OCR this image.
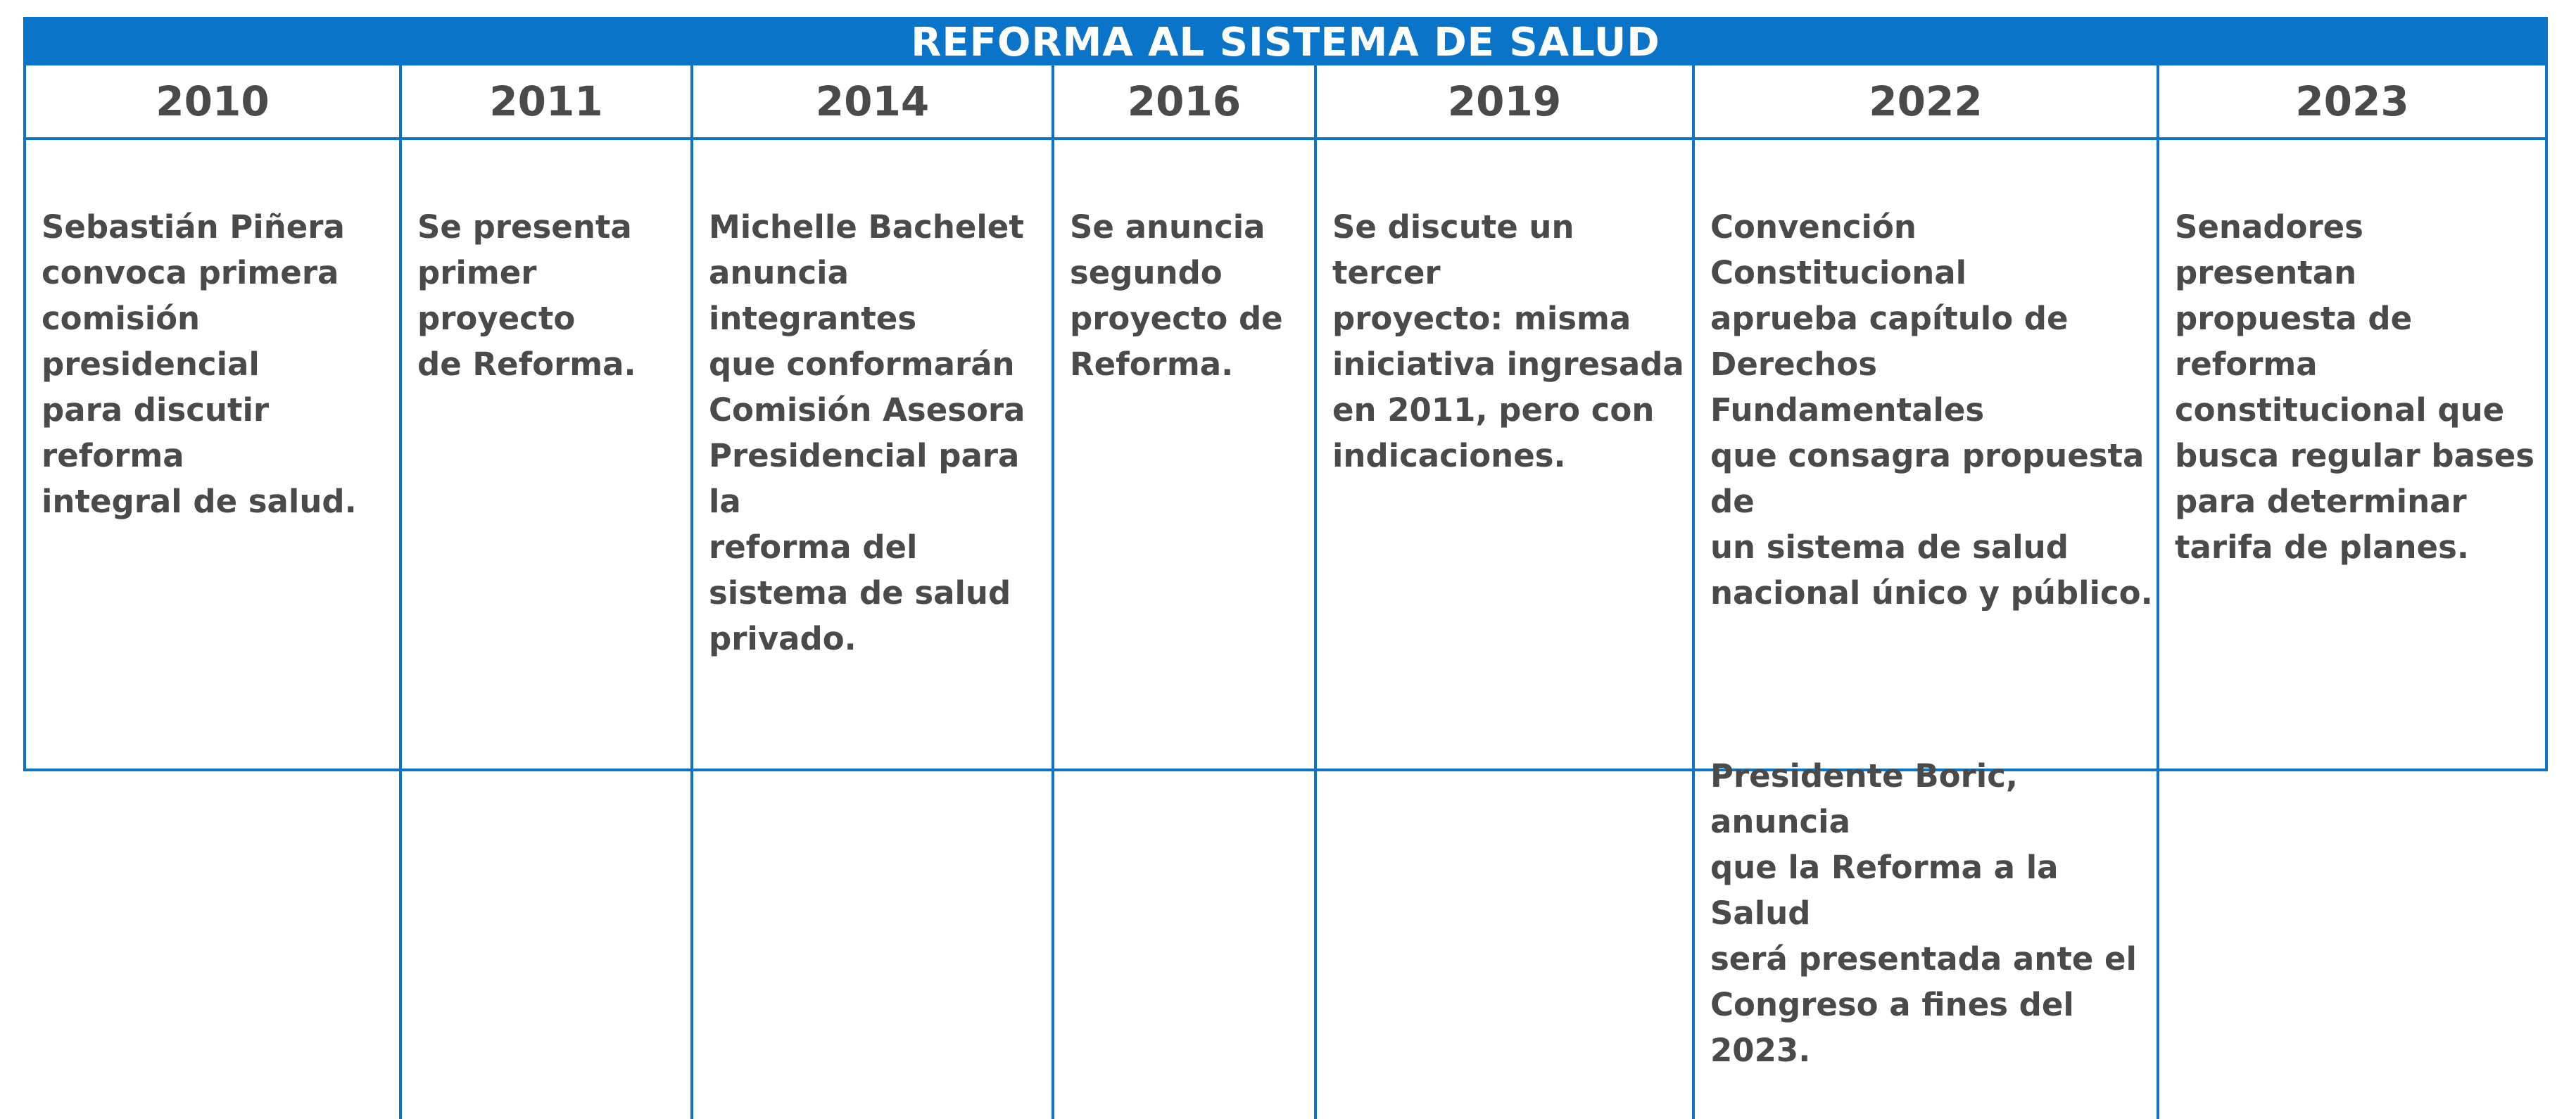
REFORMA AL SISTEMA DE SALUD
2010

Sebastián Piñera
convoca primera
comisión presidencial
para discutir reforma
integral de salud.

2011

Se presenta
primer proyecto
de Reforma.

2014

Michelle Bachelet
anuncia integrantes
que conformarán
Comisión Asesora
Presidencial para la
reforma del
sistema de salud
privado.

2016

Se anuncia
segundo
proyecto de
Reforma.

2019

Se discute un tercer
proyecto: misma
iniciativa ingresada
en 2011, pero con
indicaciones.

2022

Convención Constitucional
aprueba capítulo de
Derechos Fundamentales
que consagra propuesta de
un sistema de salud
nacional único y público.

Presidente Boric, anuncia
que la Reforma a la Salud
será presentada ante el
Congreso a fines del 2023.

2023

Senadores presentan
propuesta de reforma
constitucional que
busca regular bases
para determinar
tarifa de planes.
